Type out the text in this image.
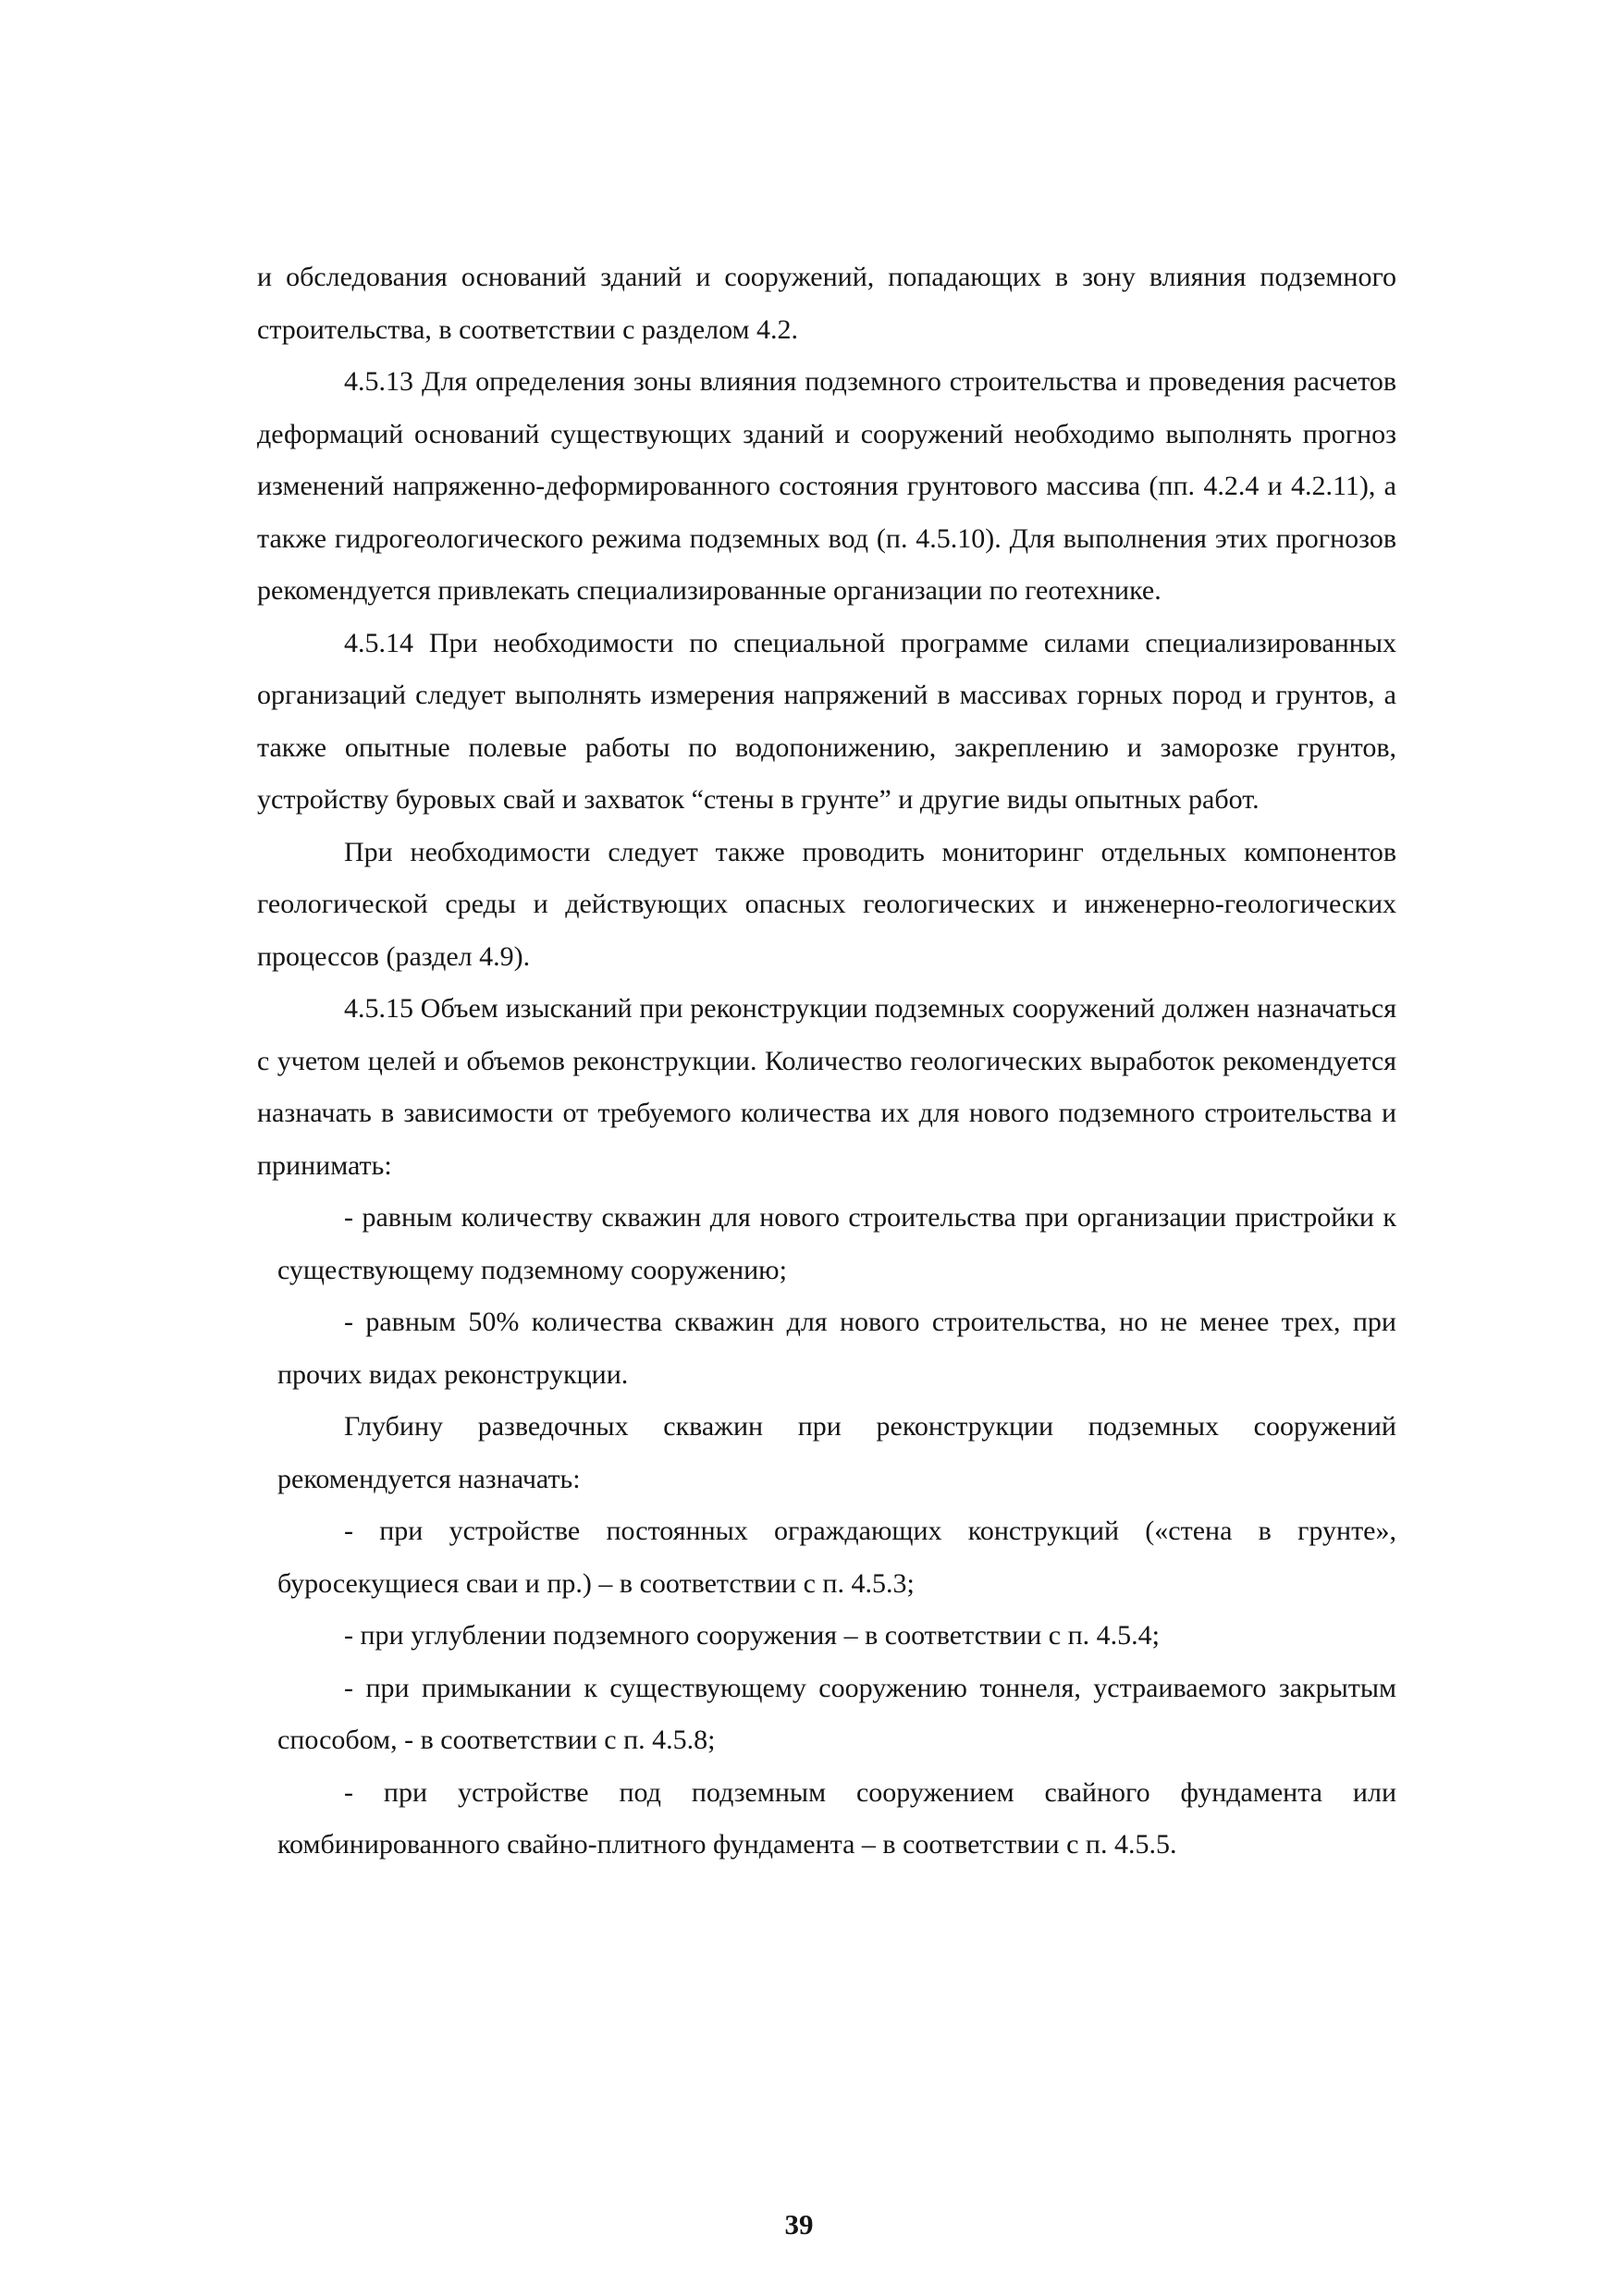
и обследования оснований зданий и сооружений, попадающих в зону влияния подземного строительства, в соответствии с разделом 4.2.

4.5.13 Для определения зоны влияния подземного строительства и проведения расчетов деформаций оснований существующих зданий и сооружений необходимо выполнять прогноз изменений напряженно-деформированного состояния грунтового массива (пп. 4.2.4 и 4.2.11), а также гидрогеологического режима подземных вод (п. 4.5.10). Для выполнения этих прогнозов рекомендуется привлекать специализированные организации по геотехнике.

4.5.14 При необходимости по специальной программе силами специализированных организаций следует выполнять измерения напряжений в массивах горных пород и грунтов, а также опытные полевые работы по водопонижению, закреплению и заморозке грунтов, устройству буровых свай и захваток “стены в грунте” и другие виды опытных работ.

При необходимости следует также проводить мониторинг отдельных компонентов геологической среды и действующих опасных геологических и инженерно-геологических процессов (раздел 4.9).

4.5.15 Объем изысканий при реконструкции подземных сооружений должен назначаться с учетом целей и объемов реконструкции. Количество геологических выработок рекомендуется назначать в зависимости от требуемого количества их для нового подземного строительства и принимать:

- равным количеству скважин для нового строительства при организации пристройки к существующему подземному сооружению;

- равным 50% количества скважин для нового строительства, но не менее трех, при прочих видах реконструкции.

Глубину разведочных скважин при реконструкции подземных сооружений рекомендуется назначать:

- при устройстве постоянных ограждающих конструкций («стена в грунте», буросекущиеся сваи и пр.) – в соответствии с п. 4.5.3;

- при углублении подземного сооружения – в соответствии с п. 4.5.4;

- при примыкании к существующему сооружению тоннеля, устраиваемого закрытым способом, - в соответствии с п. 4.5.8;

- при устройстве под подземным сооружением свайного фундамента или комбинированного свайно-плитного фундамента – в соответствии с п. 4.5.5.

39
